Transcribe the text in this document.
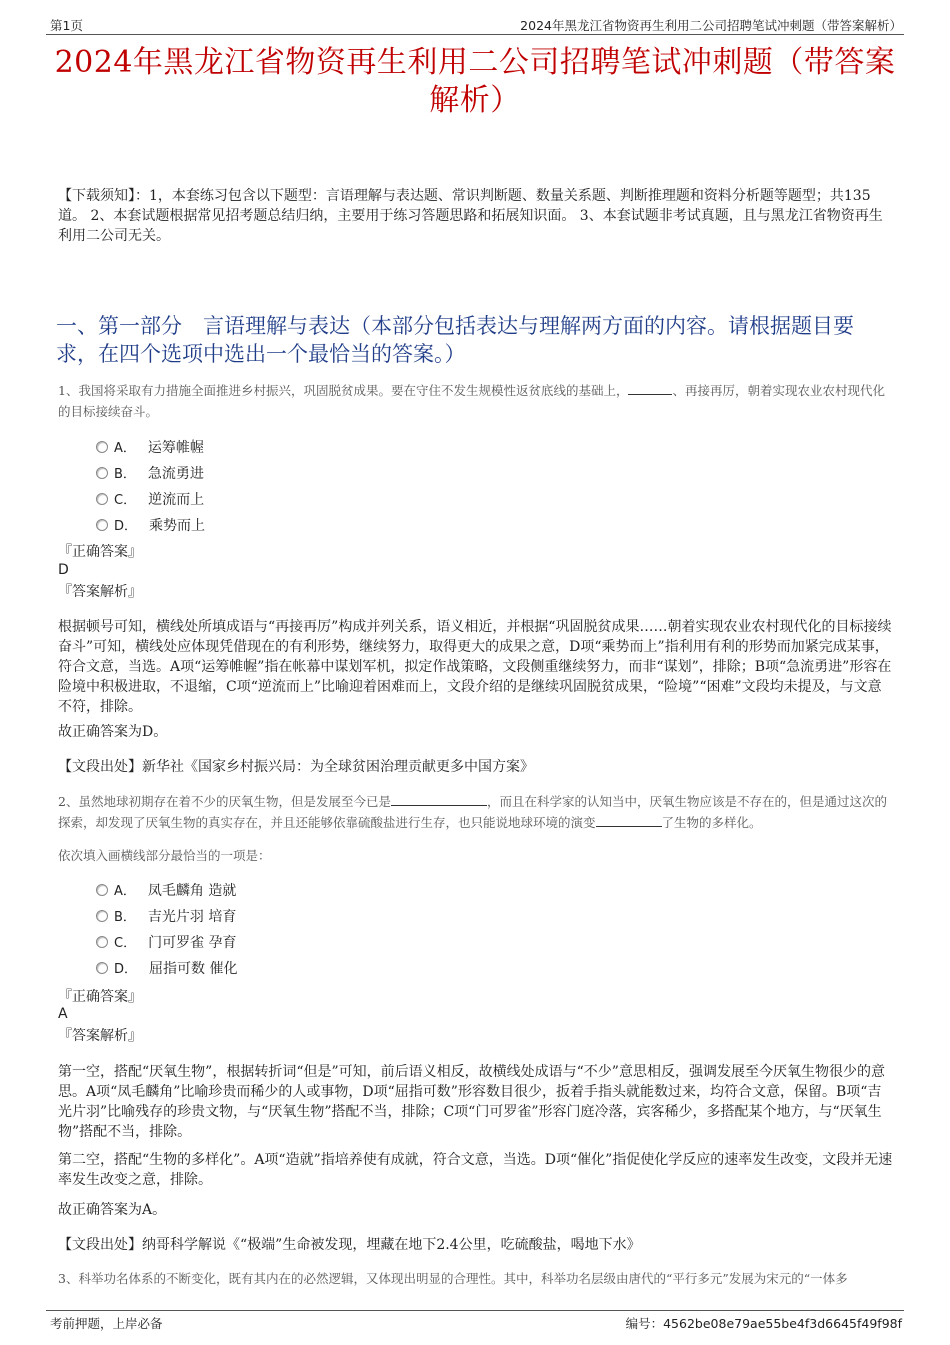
第1页	2024年黑龙江省物资再生利用二公司招聘笔试冲刺题（带答案解析）
2024年黑龙江省物资再生利用二公司招聘笔试冲刺题（带答案解析）
【下载须知】：1，本套练习包含以下题型：言语理解与表达题、常识判断题、数量关系题、判断推理题和资料分析题等题型；共135道。 2、本套试题根据常见招考题总结归纳，主要用于练习答题思路和拓展知识面。 3、本套试题非考试真题，且与黑龙江省物资再生利用二公司无关。
一、第一部分　言语理解与表达（本部分包括表达与理解两方面的内容。请根据题目要求，在四个选项中选出一个最恰当的答案。）
1、我国将采取有力措施全面推进乡村振兴，巩固脱贫成果。要在守住不发生规模性返贫底线的基础上，	、再接再厉，朝着实现农业农村现代化的目标接续奋斗。
A． 运筹帷幄
B． 急流勇进
C． 逆流而上
D． 乘势而上
『正确答案』
D
『答案解析』
根据顿号可知，横线处所填成语与“再接再厉”构成并列关系，语义相近，并根据“巩固脱贫成果……朝着实现农业农村现代化的目标接续奋斗”可知，横线处应体现凭借现在的有利形势，继续努力，取得更大的成果之意，D项“乘势而上”指利用有利的形势而加紧完成某事，符合文意，当选。A项“运筹帷幄”指在帐幕中谋划军机，拟定作战策略，文段侧重继续努力，而非“谋划”，排除；B项“急流勇进”形容在险境中积极进取，不退缩，C项“逆流而上”比喻迎着困难而上，文段介绍的是继续巩固脱贫成果，“险境”“困难”文段均未提及，与文意不符，排除。
故正确答案为D。
【文段出处】新华社《国家乡村振兴局：为全球贫困治理贡献更多中国方案》
2、虽然地球初期存在着不少的厌氧生物，但是发展至今已是	，而且在科学家的认知当中，厌氧生物应该是不存在的，但是通过这次的探索，却发现了厌氧生物的真实存在，并且还能够依靠硫酸盐进行生存，也只能说地球环境的演变	了生物的多样化。
依次填入画横线部分最恰当的一项是：
A． 凤毛麟角 造就
B． 吉光片羽 培育
C． 门可罗雀 孕育
D． 屈指可数 催化
『正确答案』
A
『答案解析』
第一空，搭配“厌氧生物”，根据转折词“但是”可知，前后语义相反，故横线处成语与“不少”意思相反，强调发展至今厌氧生物很少的意思。A项“凤毛麟角”比喻珍贵而稀少的人或事物，D项“屈指可数”形容数目很少，扳着手指头就能数过来，均符合文意，保留。B项“吉光片羽”比喻残存的珍贵文物，与“厌氧生物”搭配不当，排除；C项“门可罗雀”形容门庭冷落，宾客稀少，多搭配某个地方，与“厌氧生物”搭配不当，排除。
第二空，搭配“生物的多样化”。A项“造就”指培养使有成就，符合文意，当选。D项“催化”指促使化学反应的速率发生改变，文段并无速率发生改变之意，排除。
故正确答案为A。
【文段出处】纳哥科学解说《“极端”生命被发现，埋藏在地下2.4公里，吃硫酸盐，喝地下水》
3、科举功名体系的不断变化，既有其内在的必然逻辑，又体现出明显的合理性。其中，科举功名层级由唐代的“平行多元”发展为宋元的“一体多
考前押题，上岸必备	编号：4562be08e79ae55be4f3d6645f49f98f
